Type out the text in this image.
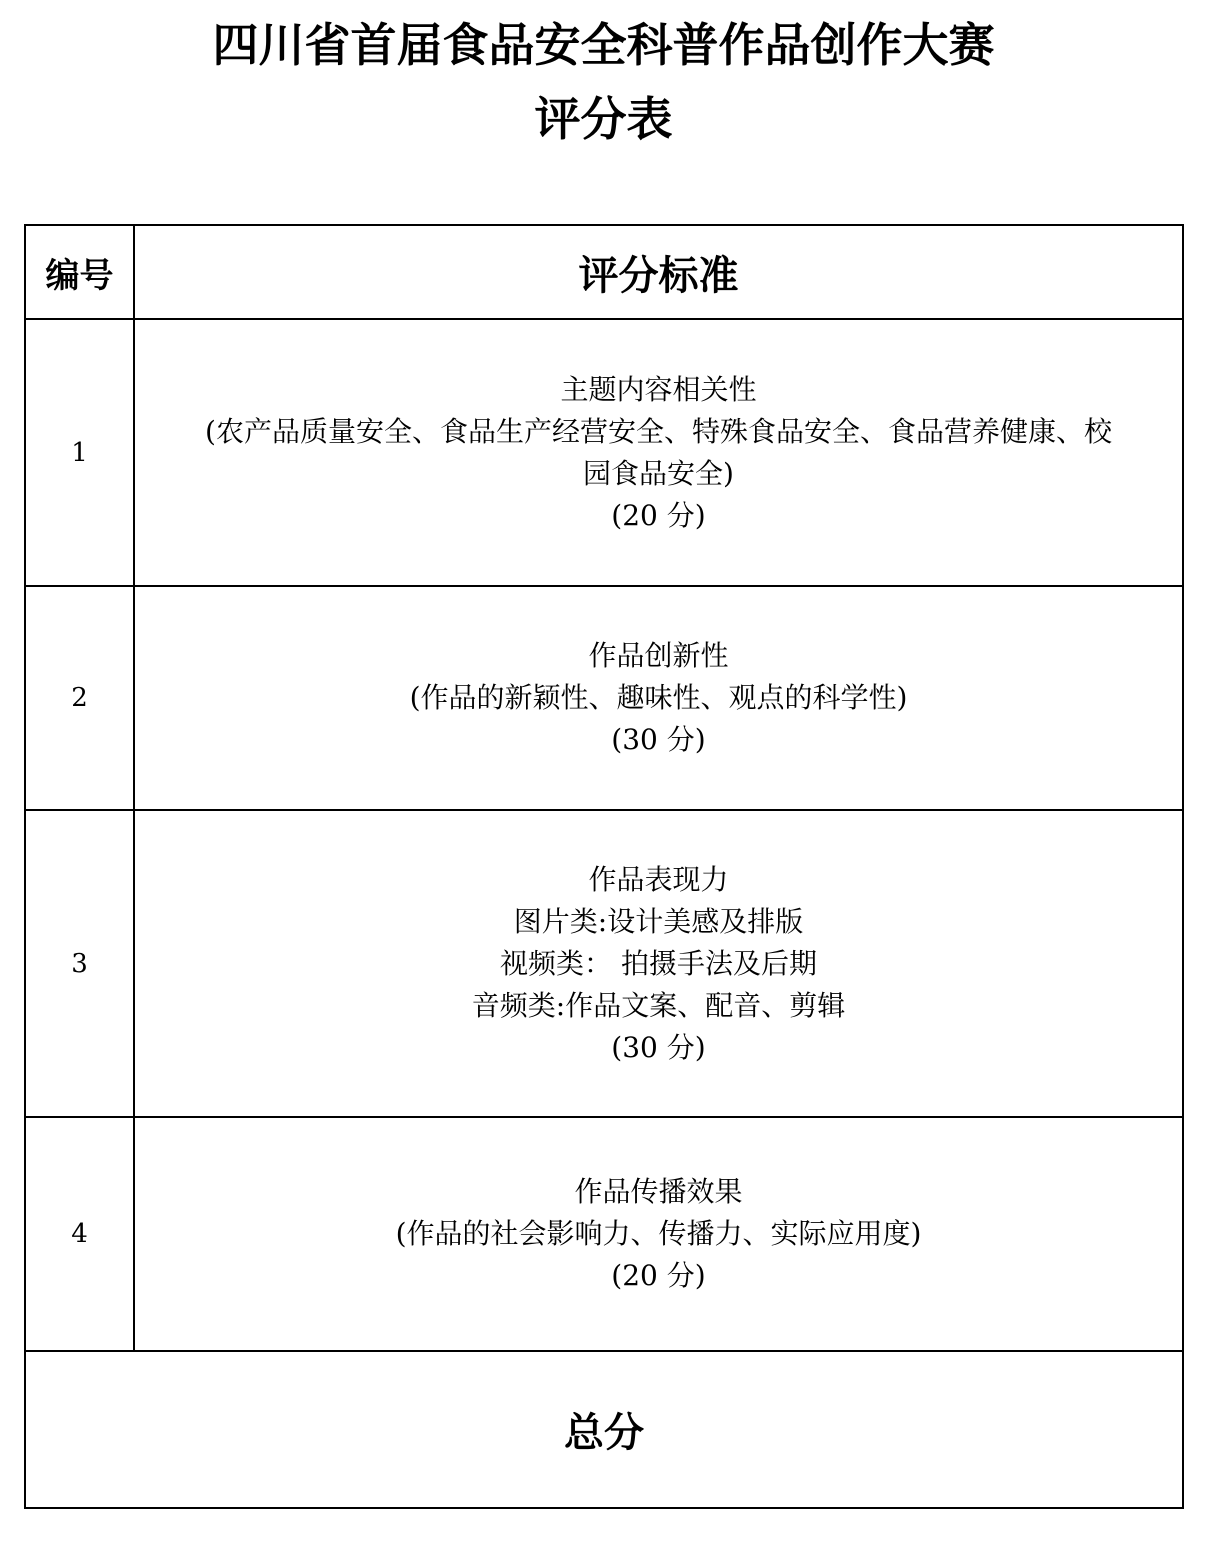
四川省首届食品安全科普作品创作大赛
评分表
编号	评分标准
1	主题内容相关性
(农产品质量安全、食品生产经营安全、特殊食品安全、食品营养健康、校
园食品安全)
(20 分)

2	作品创新性
(作品的新颖性、趣味性、观点的科学性)
(30 分)

3	作品表现力
图片类:设计美感及排版
视频类： 拍摄手法及后期
音频类:作品文案、配音、剪辑
(30 分)

4	作品传播效果
(作品的社会影响力、传播力、实际应用度)
(20 分)

总分	
